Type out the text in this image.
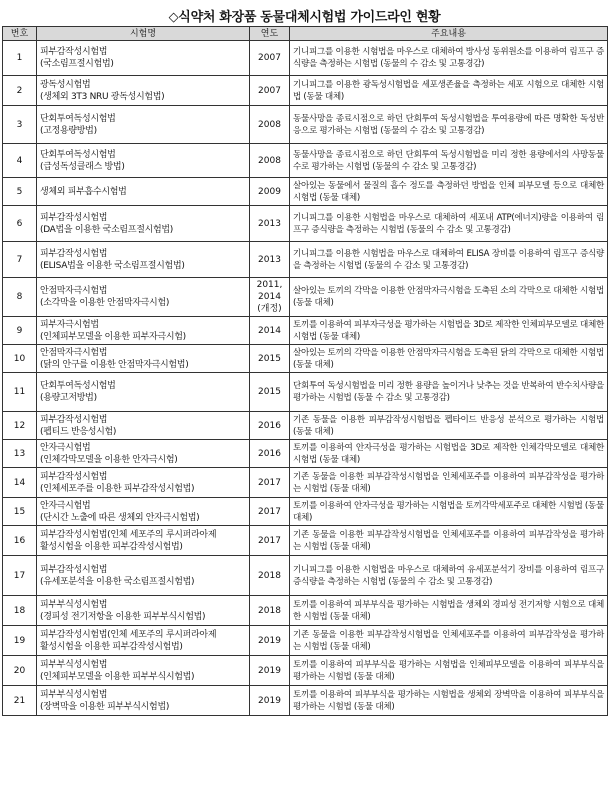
◇식약처 화장품 동물대체시험법 가이드라인 현황
번호	시험명	연도	주요내용
1	피부감작성시험법
(국소림프절시험법)	2007	기니피그를 이용한 시험법을 마우스로 대체하여 방사성 동위원소를 이용하여 림프구 증식량을 측정하는 시험법 (동물의 수 감소 및 고통경감)
2	광독성시험법
(생체외 3T3 NRU 광독성시험법)	2007	기니피그를 이용한 광독성시험법을 세포생존율을 측정하는 세포 시험으로 대체한 시험법 (동물 대체)
3	단회투여독성시험법
(고정용량방법)	2008	동물사망을 종료시점으로 하던 단회투여 독성시험법을 투여용량에 따른 명확한 독성반응으로 평가하는 시험법 (동물의 수 감소 및 고통경감)
4	단회투여독성시험법
(급성독성클래스 방법)	2008	동물사망을 종료시점으로 하던 단회투여 독성시험법을 미리 정한 용량에서의 사망동물수로 평가하는 시험법 (동물의 수 감소 및 고통경감)
5	생체외 피부흡수시험법	2009	살아있는 동물에서 물질의 흡수 정도를 측정하던 방법을 인체 피부모델 등으로 대체한 시험법 (동물 대체)
6	피부감작성시험법
(DA법을 이용한 국소림프절시험법)	2013	기니피그를 이용한 시험법을 마우스로 대체하여 세포내 ATP(에너지)량을 이용하여 림프구 증식량을 측정하는 시험법 (동물의 수 감소 및 고통경감)
7	피부감작성시험법
(ELISA법을 이용한 국소림프절시험법)	2013	기니피그를 이용한 시험법을 마우스로 대체하여 ELISA 장비를 이용하여 림프구 증식량을 측정하는 시험법 (동물의 수 감소 및 고통경감)
8	안점막자극시험법
(소각막을 이용한 안점막자극시험)	2011, 2014 (개정)	살아있는 토끼의 각막을 이용한 안점막자극시험을 도축된 소의 각막으로 대체한 시험법 (동물 대체)
9	피부자극시험법
(인체피부모델을 이용한 피부자극시험)	2014	토끼를 이용하여 피부자극성을 평가하는 시험법을 3D로 제작한 인체피부모델로 대체한 시험법 (동물 대체)
10	안점막자극시험법
(닭의 안구를 이용한 안점막자극시험법)	2015	살아있는 토끼의 각막을 이용한 안점막자극시험을 도축된 닭의 각막으로 대체한 시험법 (동물 대체)
11	단회투여독성시험법
(용량고저방법)	2015	단회투여 독성시험법을 미리 정한 용량을 높이거나 낮추는 것을 반복하여 반수치사량을 평가하는 시험법 (동물 수 감소 및 고통경감)
12	피부감작성시험법
(펩티드 반응성시험)	2016	기존 동물을 이용한 피부감작성시험법을 펩타이드 반응성 분석으로 평가하는 시험법 (동물 대체)
13	안자극시험법
(인체각막모델을 이용한 안자극시험)	2016	토끼를 이용하여 안자극성을 평가하는 시험법을 3D로 제작한 인체각막모델로 대체한 시험법 (동물 대체)
14	피부감작성시험법
(인체세포주를 이용한 피부감작성시험법)	2017	기존 동물을 이용한 피부감작성시험법을 인체세포주를 이용하여 피부감작성을 평가하는 시험법 (동물 대체)
15	안자극시험법
(단시간 노출에 따른 생체외 안자극시험법)	2017	토끼를 이용하여 안자극성을 평가하는 시험법을 토끼각막세포주로 대체한 시험법 (동물 대체)
16	피부감작성시험법(인체 세포주의 루시퍼라아제
활성시험을 이용한 피부감작성시험법)	2017	기존 동물을 이용한 피부감작성시험법을 인체세포주를 이용하여 피부감작성을 평가하는 시험법 (동물 대체)
17	피부감작성시험법
(유세포분석을 이용한 국소림프절시험법)	2018	기니피그를 이용한 시험법을 마우스로 대체하여 유세포분석기 장비를 이용하여 림프구 증식량을 측정하는 시험법 (동물의 수 감소 및 고통경감)
18	피부부식성시험법
(경피성 전기저항을 이용한 피부부식시험법)	2018	토끼를 이용하여 피부부식을 평가하는 시험법을 생체외 경피성 전기저항 시험으로 대체한 시험법 (동물 대체)
19	피부감작성시험법(인체 세포주의 루시퍼라아제
활성시험을 이용한 피부감작성시험법)	2019	기존 동물을 이용한 피부감작성시험법을 인체세포주를 이용하여 피부감작성을 평가하는 시험법 (동물 대체)
20	피부부식성시험법
(인체피부모델을 이용한 피부부식시험법)	2019	토끼를 이용하여 피부부식을 평가하는 시험법을 인체피부모델을 이용하여 피부부식을 평가하는 시험법 (동물 대체)
21	피부부식성시험법
(장벽막을 이용한 피부부식시험법)	2019	토끼를 이용하여 피부부식을 평가하는 시험법을 생체외 장벽막을 이용하여 피부부식을 평가하는 시험법 (동물 대체)
